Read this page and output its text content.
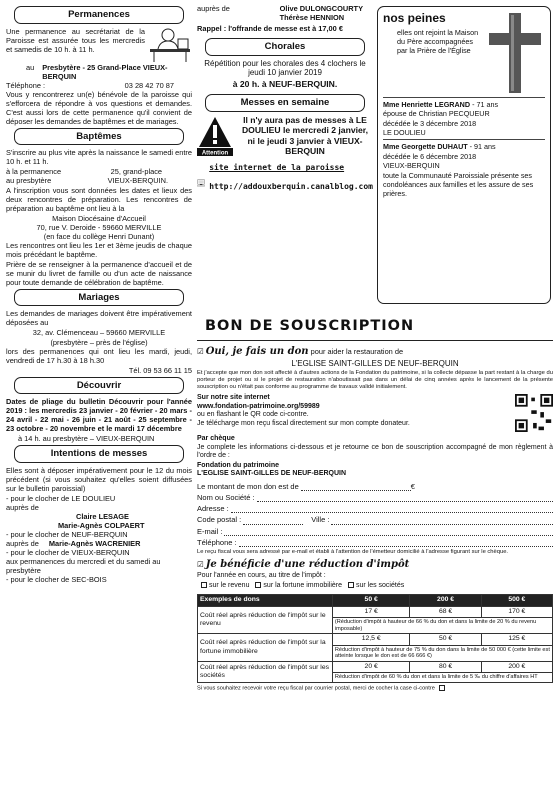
Permanences

Une permanence au secrétariat de la Paroisse est assurée tous les mercredis et samedis de 10 h. à 11 h.

au	Presbytère - 25 Grand-Place VIEUX-BERQUIN
Téléphone :	03 28 42 70 87

Vous y rencontrerez un(e) bénévole de la paroisse qui s'efforcera de répondre à vos questions et demandes. C'est aussi lors de cette permanence qu'il convient de déposer les demandes de baptêmes et de mariages.

Baptêmes

S'inscrire au plus vite après la naissance le samedi entre 10 h. et 11 h.

à la permanence	25, grand-place
au presbytère	VIEUX-BERQUIN.

A l'inscription vous sont données les dates et lieux des deux rencontres de préparation. Les rencontres de préparation au baptême ont lieu à la

Maison Diocésaine d'Accueil
70, rue V. Deroide - 59660 MERVILLE
(en face du collège Henri Dunant)

Les rencontres ont lieu les 1er et 3ème jeudis de chaque mois précédant le baptême.

Prière de se renseigner à la permanence d'accueil et de se munir du livret de famille ou d'un acte de naissance pour toute demande de célébration de baptême.

Mariages

Les demandes de mariages doivent être impérativement déposées au

32, av. Clémenceau – 59660 MERVILLE
(presbytère – près de l'église)

lors des permanences qui ont lieu les mardi, jeudi, vendredi de 17 h.30 à 18 h.30

Tél. 09 53 66 11 15
Découvrir

Dates de pliage du bulletin Découvrir pour l'année 2019 : les mercredis 23 janvier - 20 février - 20 mars - 24 avril - 22 mai - 26 juin - 21 août - 25 septembre - 23 octobre - 20 novembre et le mardi 17 décembre

à 14 h. au presbytère – VIEUX-BERQUIN

Intentions de messes

Elles sont à déposer impérativement pour le 12 du mois précédent (si vous souhaitez qu'elles soient diffusées sur le bulletin paroissial)

- pour le clocher de LE DOULIEU
auprès de
Claire LESAGE
Marie-Agnès COLPAERT
- pour le clocher de NEUF-BERQUIN
auprès de	Marie-Agnès WACRENIER
- pour le clocher de VIEUX-BERQUIN
aux permanences du mercredi et du samedi au presbytère
- pour le clocher de SEC-BOIS
auprès de	Olive DULONGCOURTY
Thérèse HENNION
Rappel : l'offrande de messe est à 17,00 €
Chorales

Répétition pour les chorales des 4 clochers le jeudi 10 janvier 2019

à 20 h. à NEUF-BERQUIN.

Messes en semaine
Attention

Il n'y aura pas de messes à LE DOULIEU le mercredi 2 janvier, ni le jeudi 3 janvier à VIEUX-BERQUIN

site internet de la paroisse
http://addouxberquin.canalblog.com
nos peines
elles ont rejoint la Maison du Père accompagnées par la Prière de l'Église
Mme Henriette LEGRAND - 71 ans
épouse de Christian PECQUEUR
décédée le 3 décembre 2018
LE DOULIEU
Mme Georgette DUHAUT - 91 ans
décédée le 6 décembre 2018
VIEUX-BERQUIN
toute la Communauté Paroissiale présente ses condoléances aux familles et les assure de ses prières.
BON DE SOUSCRIPTION
☑ Oui, je fais un don pour aider la restauration de
L'EGLISE SAINT-GILLES DE NEUF-BERQUIN

Et j'accepte que mon don soit affecté à d'autres actions de la Fondation du patrimoine, si la collecte dépasse la part restant à la charge du porteur de projet ou si le projet de restauration n'aboutissait pas dans un délai de cinq années après le lancement de la présente souscription ou n'était pas conforme au programme de travaux validé initialement.

Sur notre site internet
www.fondation-patrimoine.org/59989
ou en flashant le QR code ci-contre.
Je télécharge mon reçu fiscal directement sur mon compte donateur.
Par chèque

Je complete les informations ci-dessous et je retourne ce bon de souscription accompagné de mon règlement à l'ordre de :

Fondation du patrimoine
L'EGLISE SAINT-GILLES DE NEUF-BERQUIN
Le montant de mon don est de	€
Nom ou Société :
Adresse :
Code postal :	Ville :
E-mail :
Téléphone :

Le reçu fiscal vous sera adressé par e-mail et établi à l'attention de l'émetteur domicilié à l'adresse figurant sur le chèque.

☑ Je bénéficie d'une réduction d'impôt
Pour l'année en cours, au titre de l'impôt :
sur le revenu sur la fortune immobilière sur les sociétés
Exemples de dons	50 €	200 €	500 €
Coût réel après réduction de l'impôt sur le revenu	17 €	68 €	170 €
	(Réduction d'impôt à hauteur de 66 % du don et dans la limite de 20 % du revenu imposable)		
Coût réel après réduction de l'impôt sur la fortune immobilière	12,5 €	50 €	125 €
	Réduction d'impôt à hauteur de 75 % du don dans la limite de 50 000 € (cette limite est atteinte lorsque le don est de 66 666 €)		
Coût réel après réduction de l'impôt sur les sociétés	20 €	80 €	200 €
	Réduction d'impôt de 60 % du don et dans la limite de 5 ‰ du chiffre d'affaires HT		
Si vous souhaitez recevoir votre reçu fiscal par courrier postal, merci de cocher la case ci-contre
